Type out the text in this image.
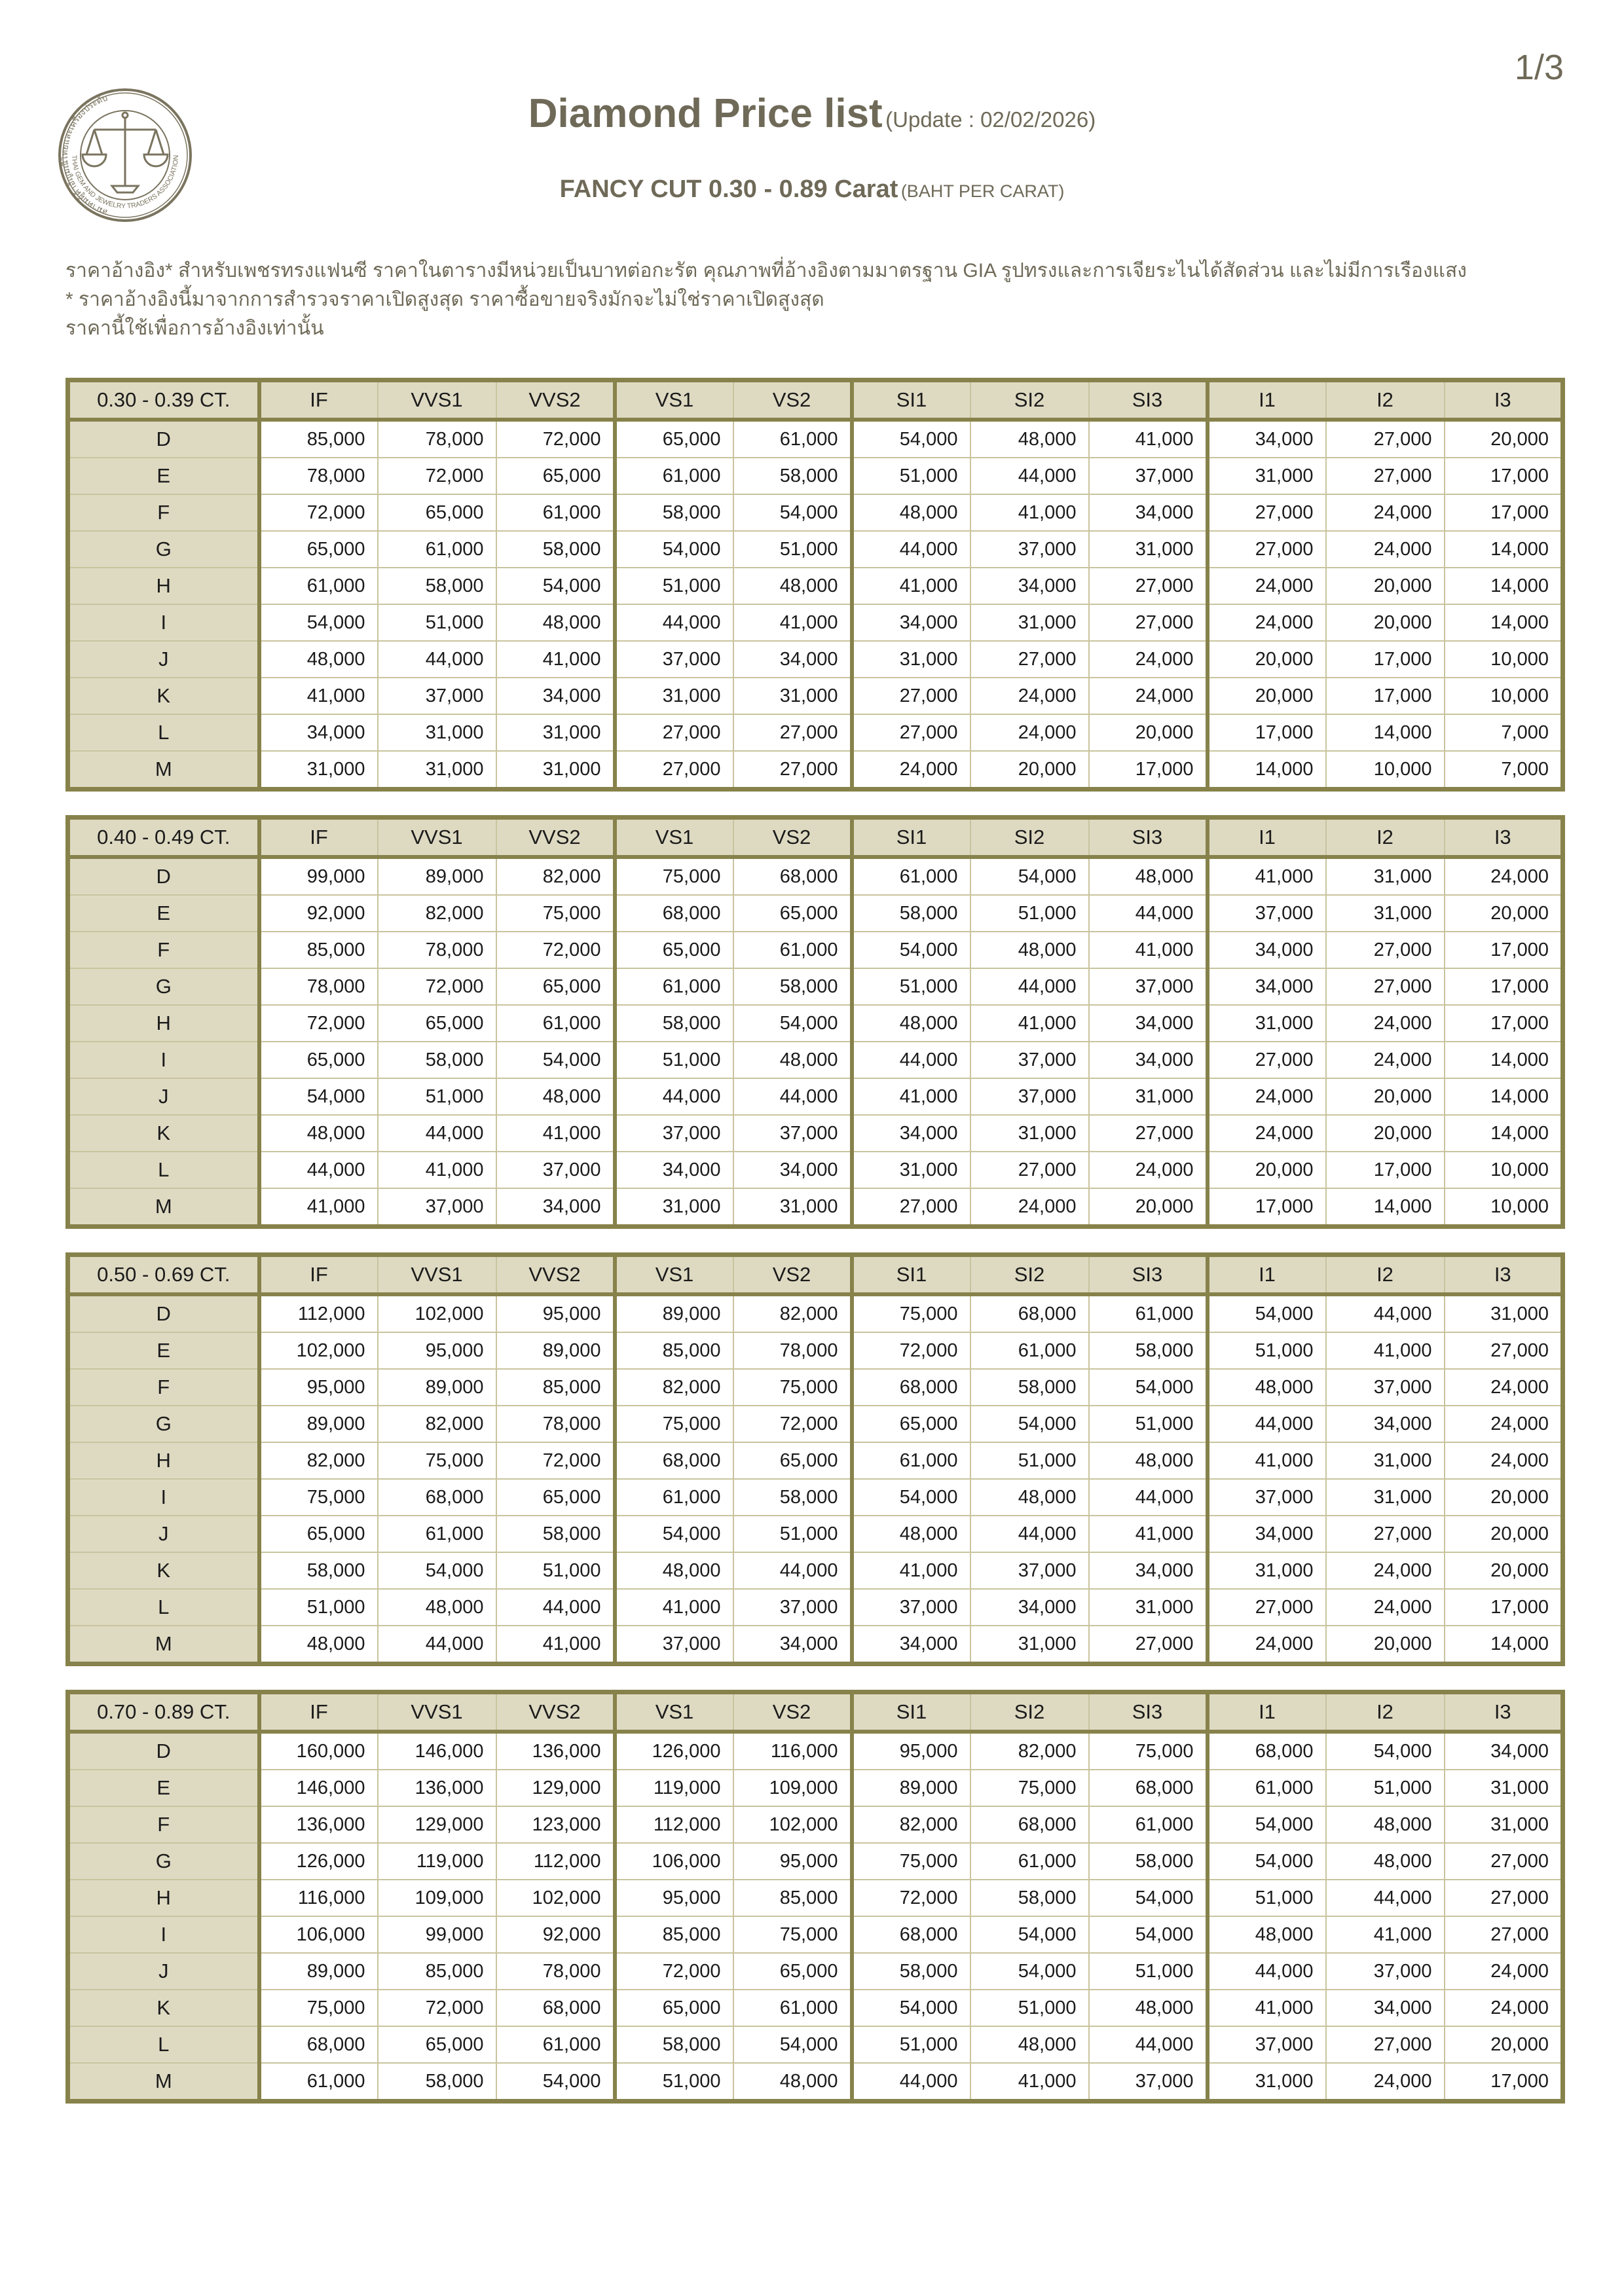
1/3
สมาคมผู้ค้าอัญมณีไทยและเครื่องประดับ
THAI GEM AND JEWELRY TRADERS ASSOCIATION
Diamond Price list (Update : 02/02/2026)
FANCY CUT 0.30 - 0.89 Carat (BAHT PER CARAT)
ราคาอ้างอิง* สำหรับเพชรทรงแฟนซี ราคาในตารางมีหน่วยเป็นบาทต่อกะรัต คุณภาพที่อ้างอิงตามมาตรฐาน GIA รูปทรงและการเจียระไนได้สัดส่วน และไม่มีการเรืองแสง
* ราคาอ้างอิงนี้มาจากการสำรวจราคาเปิดสูงสุด ราคาซื้อขายจริงมักจะไม่ใช่ราคาเปิดสูงสุด
ราคานี้ใช้เพื่อการอ้างอิงเท่านั้น
0.30 - 0.39 CT.	IF	VVS1	VVS2	VS1	VS2	SI1	SI2	SI3	I1	I2	I3
D	85,000	78,000	72,000	65,000	61,000	54,000	48,000	41,000	34,000	27,000	20,000
E	78,000	72,000	65,000	61,000	58,000	51,000	44,000	37,000	31,000	27,000	17,000
F	72,000	65,000	61,000	58,000	54,000	48,000	41,000	34,000	27,000	24,000	17,000
G	65,000	61,000	58,000	54,000	51,000	44,000	37,000	31,000	27,000	24,000	14,000
H	61,000	58,000	54,000	51,000	48,000	41,000	34,000	27,000	24,000	20,000	14,000
I	54,000	51,000	48,000	44,000	41,000	34,000	31,000	27,000	24,000	20,000	14,000
J	48,000	44,000	41,000	37,000	34,000	31,000	27,000	24,000	20,000	17,000	10,000
K	41,000	37,000	34,000	31,000	31,000	27,000	24,000	24,000	20,000	17,000	10,000
L	34,000	31,000	31,000	27,000	27,000	27,000	24,000	20,000	17,000	14,000	7,000
M	31,000	31,000	31,000	27,000	27,000	24,000	20,000	17,000	14,000	10,000	7,000
0.40 - 0.49 CT.	IF	VVS1	VVS2	VS1	VS2	SI1	SI2	SI3	I1	I2	I3
D	99,000	89,000	82,000	75,000	68,000	61,000	54,000	48,000	41,000	31,000	24,000
E	92,000	82,000	75,000	68,000	65,000	58,000	51,000	44,000	37,000	31,000	20,000
F	85,000	78,000	72,000	65,000	61,000	54,000	48,000	41,000	34,000	27,000	17,000
G	78,000	72,000	65,000	61,000	58,000	51,000	44,000	37,000	34,000	27,000	17,000
H	72,000	65,000	61,000	58,000	54,000	48,000	41,000	34,000	31,000	24,000	17,000
I	65,000	58,000	54,000	51,000	48,000	44,000	37,000	34,000	27,000	24,000	14,000
J	54,000	51,000	48,000	44,000	44,000	41,000	37,000	31,000	24,000	20,000	14,000
K	48,000	44,000	41,000	37,000	37,000	34,000	31,000	27,000	24,000	20,000	14,000
L	44,000	41,000	37,000	34,000	34,000	31,000	27,000	24,000	20,000	17,000	10,000
M	41,000	37,000	34,000	31,000	31,000	27,000	24,000	20,000	17,000	14,000	10,000
0.50 - 0.69 CT.	IF	VVS1	VVS2	VS1	VS2	SI1	SI2	SI3	I1	I2	I3
D	112,000	102,000	95,000	89,000	82,000	75,000	68,000	61,000	54,000	44,000	31,000
E	102,000	95,000	89,000	85,000	78,000	72,000	61,000	58,000	51,000	41,000	27,000
F	95,000	89,000	85,000	82,000	75,000	68,000	58,000	54,000	48,000	37,000	24,000
G	89,000	82,000	78,000	75,000	72,000	65,000	54,000	51,000	44,000	34,000	24,000
H	82,000	75,000	72,000	68,000	65,000	61,000	51,000	48,000	41,000	31,000	24,000
I	75,000	68,000	65,000	61,000	58,000	54,000	48,000	44,000	37,000	31,000	20,000
J	65,000	61,000	58,000	54,000	51,000	48,000	44,000	41,000	34,000	27,000	20,000
K	58,000	54,000	51,000	48,000	44,000	41,000	37,000	34,000	31,000	24,000	20,000
L	51,000	48,000	44,000	41,000	37,000	37,000	34,000	31,000	27,000	24,000	17,000
M	48,000	44,000	41,000	37,000	34,000	34,000	31,000	27,000	24,000	20,000	14,000
0.70 - 0.89 CT.	IF	VVS1	VVS2	VS1	VS2	SI1	SI2	SI3	I1	I2	I3
D	160,000	146,000	136,000	126,000	116,000	95,000	82,000	75,000	68,000	54,000	34,000
E	146,000	136,000	129,000	119,000	109,000	89,000	75,000	68,000	61,000	51,000	31,000
F	136,000	129,000	123,000	112,000	102,000	82,000	68,000	61,000	54,000	48,000	31,000
G	126,000	119,000	112,000	106,000	95,000	75,000	61,000	58,000	54,000	48,000	27,000
H	116,000	109,000	102,000	95,000	85,000	72,000	58,000	54,000	51,000	44,000	27,000
I	106,000	99,000	92,000	85,000	75,000	68,000	54,000	54,000	48,000	41,000	27,000
J	89,000	85,000	78,000	72,000	65,000	58,000	54,000	51,000	44,000	37,000	24,000
K	75,000	72,000	68,000	65,000	61,000	54,000	51,000	48,000	41,000	34,000	24,000
L	68,000	65,000	61,000	58,000	54,000	51,000	48,000	44,000	37,000	27,000	20,000
M	61,000	58,000	54,000	51,000	48,000	44,000	41,000	37,000	31,000	24,000	17,000
